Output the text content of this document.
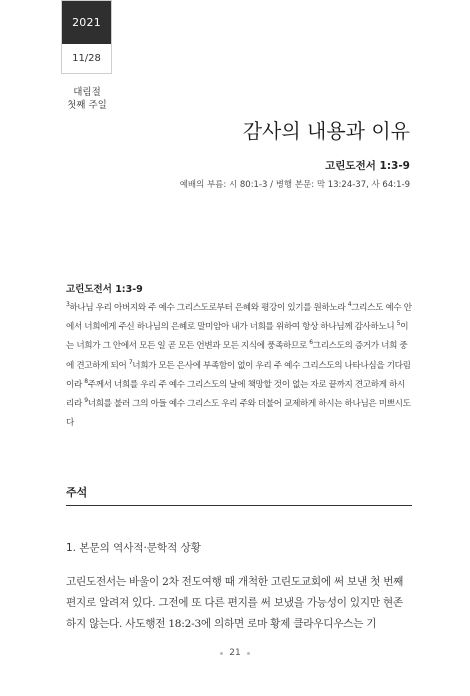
2021
11/28
대림절
첫째 주일
감사의 내용과 이유
고린도전서 1:3-9
예배의 부름: 시 80:1-3 / 병행 본문: 막 13:24-37, 사 64:1-9
고린도전서 1:3-9
$^3$하나님 우리 아버지와 주 예수 그리스도로부터 은혜와 평강이 있기를 원하노라 $^4$그리스도 예수 안에서 너희에게 주신 하나님의 은혜로 말미암아 내가 너희를 위하여 항상 하나님께 감사하노니 $^5$이는 너희가 그 안에서 모든 일 곧 모든 언변과 모든 지식에 풍족하므로 $^6$그리스도의 증거가 너희 중에 견고하게 되어 $^7$너희가 모든 은사에 부족함이 없이 우리 주 예수 그리스도의 나타나심을 기다림이라 $^8$주께서 너희를 우리 주 예수 그리스도의 날에 책망할 것이 없는 자로 끝까지 견고하게 하시리라 $^9$너희를 불러 그의 아들 예수 그리스도 우리 주와 더불어 교제하게 하시는 하나님은 미쁘시도다
주석
1. 본문의 역사적·문학적 상황
고린도전서는 바울이 2차 전도여행 때 개척한 고린도교회에 써 보낸 첫 번째 편지로 알려져 있다. 그전에 또 다른 편지를 써 보냈을 가능성이 있지만 현존하지 않는다. 사도행전 18:2-3에 의하면 로마 황제 클라우디우스는 기
21
